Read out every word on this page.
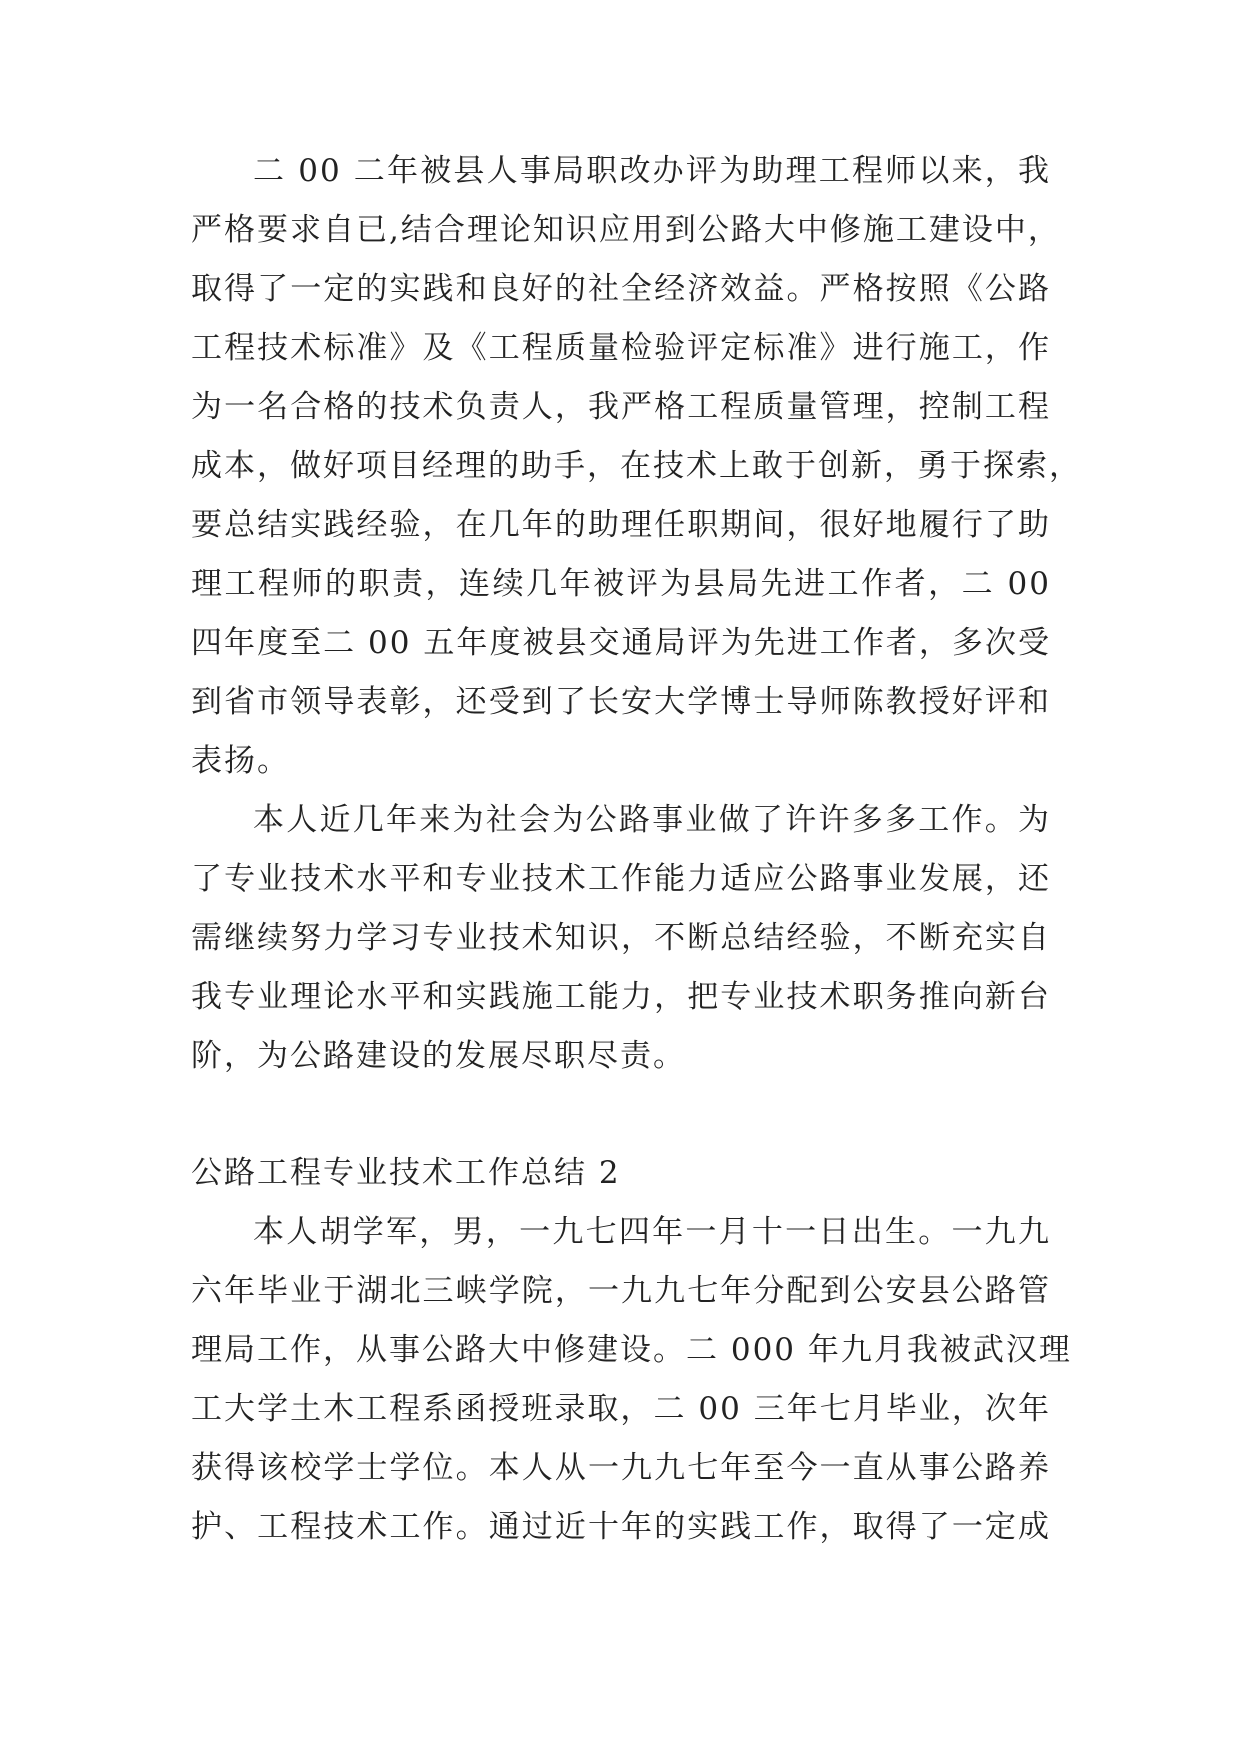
二 00 二年被县人事局职改办评为助理工程师以来，我
严格要求自已,结合理论知识应用到公路大中修施工建设中，
取得了一定的实践和良好的社全经济效益。严格按照《公路
工程技术标准》及《工程质量检验评定标准》进行施工，作
为一名合格的技术负责人，我严格工程质量管理，控制工程
成本，做好项目经理的助手，在技术上敢于创新，勇于探索，
要总结实践经验，在几年的助理任职期间，很好地履行了助
理工程师的职责，连续几年被评为县局先进工作者，二 00
四年度至二 00 五年度被县交通局评为先进工作者，多次受
到省市领导表彰，还受到了长安大学博士导师陈教授好评和
表扬。
本人近几年来为社会为公路事业做了许许多多工作。为
了专业技术水平和专业技术工作能力适应公路事业发展，还
需继续努力学习专业技术知识，不断总结经验，不断充实自
我专业理论水平和实践施工能力，把专业技术职务推向新台
阶，为公路建设的发展尽职尽责。
公路工程专业技术工作总结 2
本人胡学军，男，一九七四年一月十一日出生。一九九
六年毕业于湖北三峡学院，一九九七年分配到公安县公路管
理局工作，从事公路大中修建设。二 000 年九月我被武汉理
工大学土木工程系函授班录取，二 00 三年七月毕业，次年
获得该校学士学位。本人从一九九七年至今一直从事公路养
护、工程技术工作。通过近十年的实践工作，取得了一定成
